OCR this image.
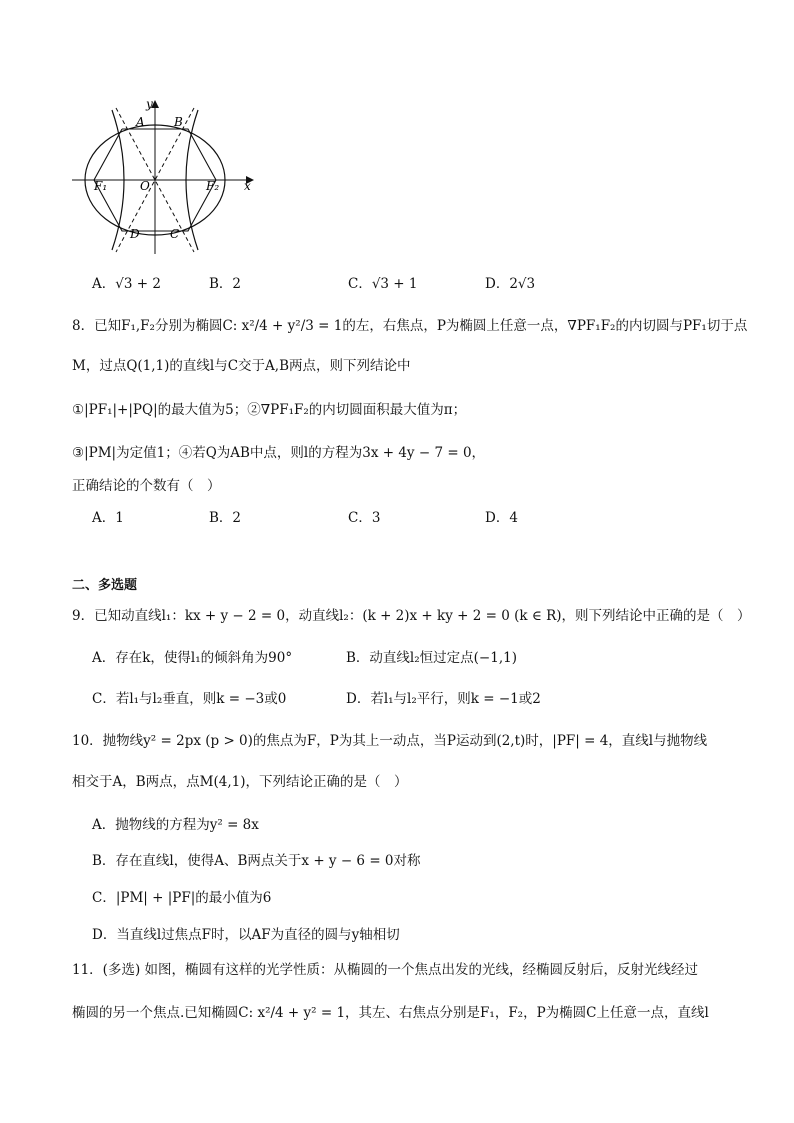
y
x
A B
F₁	O	F₂
D	C
A．√3 + 2	B．2	C．√3 + 1	D．2√3
8．已知F₁,F₂分别为椭圆C: x²/4 + y²/3 = 1的左，右焦点，P为椭圆上任意一点，∇PF₁F₂的内切圆与PF₁切于点
M，过点Q(1,1)的直线l与C交于A,B两点，则下列结论中
①|PF₁|+|PQ|的最大值为5；②∇PF₁F₂的内切圆面积最大值为π；
③|PM|为定值1；④若Q为AB中点，则l的方程为3x + 4y − 7 = 0，
正确结论的个数有（　）
A．1	B．2	C．3	D．4
二、多选题
9．已知动直线l₁：kx + y − 2 = 0，动直线l₂：(k + 2)x + ky + 2 = 0 (k ∈ R)，则下列结论中正确的是（　）
A．存在k，使得l₁的倾斜角为90°	B．动直线l₂恒过定点(−1,1)
C．若l₁与l₂垂直，则k = −3或0	D．若l₁与l₂平行，则k = −1或2
10．抛物线y² = 2px (p > 0)的焦点为F，P为其上一动点，当P运动到(2,t)时，|PF| = 4，直线l与抛物线
相交于A，B两点，点M(4,1)，下列结论正确的是（　）
A．抛物线的方程为y² = 8x
B．存在直线l，使得A、B两点关于x + y − 6 = 0对称
C．|PM| + |PF|的最小值为6
D．当直线l过焦点F时，以AF为直径的圆与y轴相切
11．(多选) 如图，椭圆有这样的光学性质：从椭圆的一个焦点出发的光线，经椭圆反射后，反射光线经过
椭圆的另一个焦点.已知椭圆C: x²/4 + y² = 1，其左、右焦点分别是F₁，F₂，P为椭圆C上任意一点，直线l
